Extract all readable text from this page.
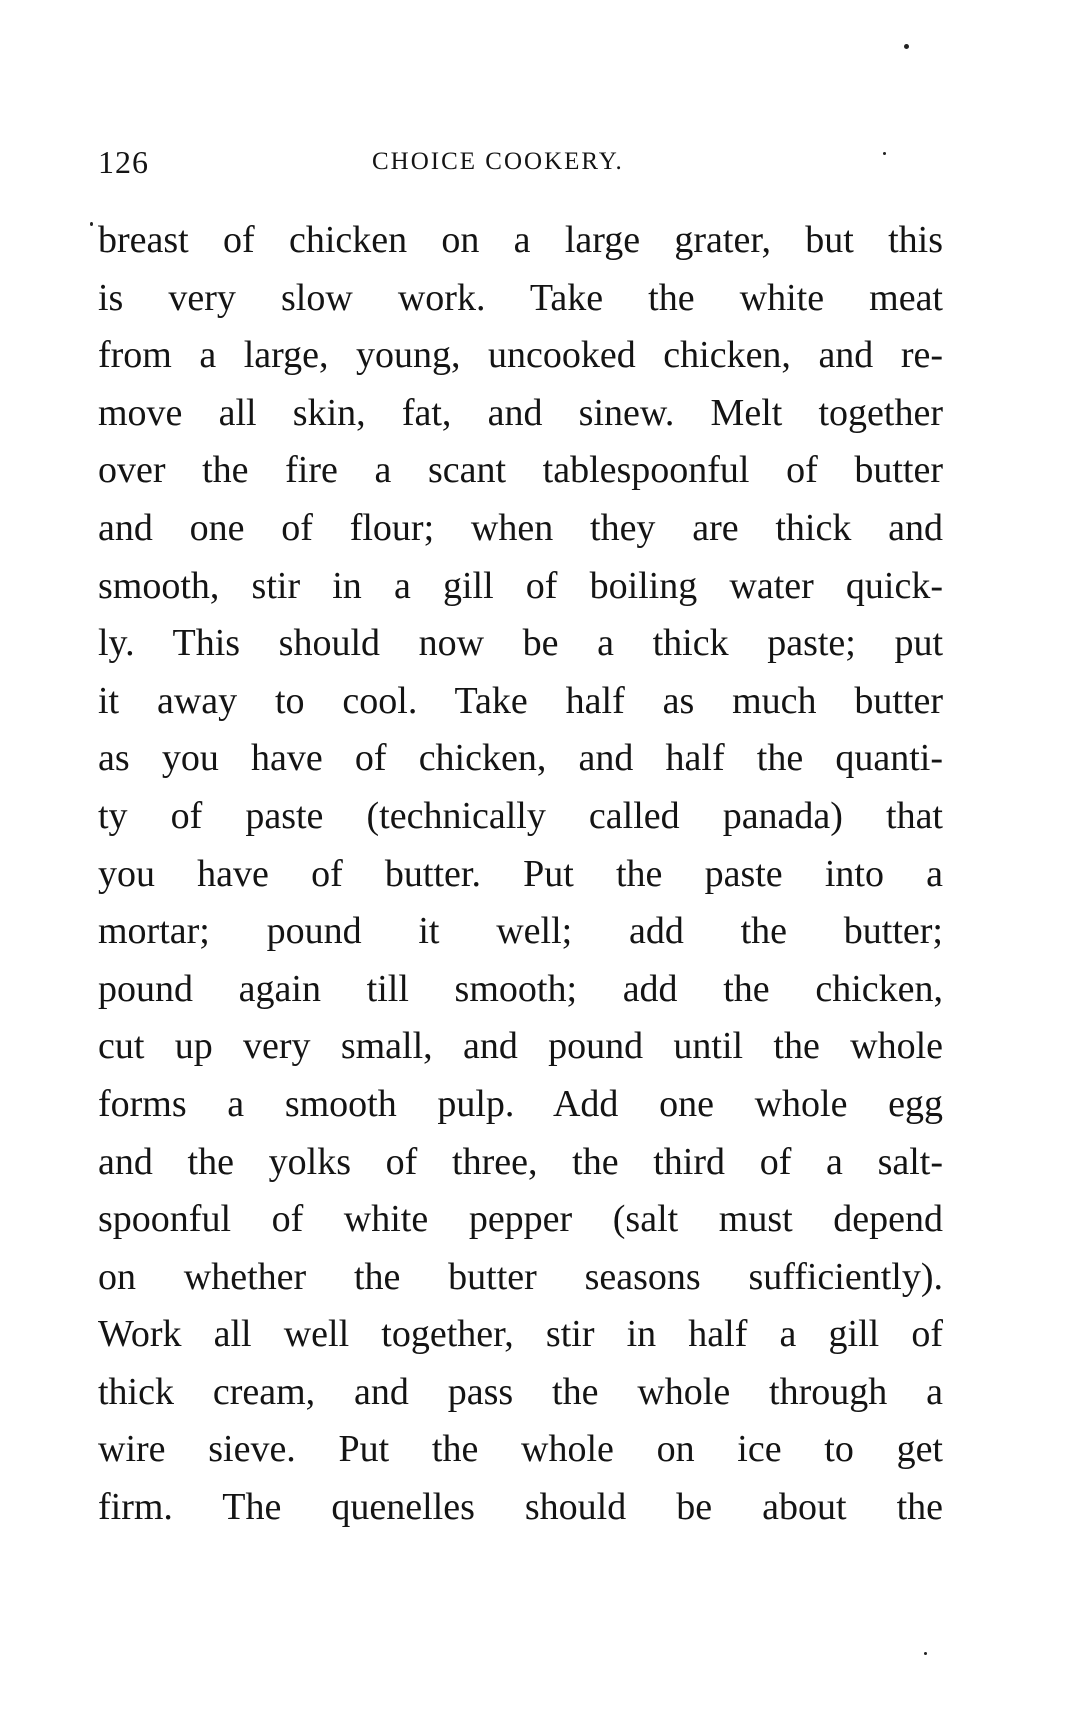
126	CHOICE COOKERY.
breast of chicken on a large grater, but this
is very slow work. Take the white meat
from a large, young, uncooked chicken, and re-
move all skin, fat, and sinew. Melt together
over the fire a scant tablespoonful of butter
and one of flour; when they are thick and
smooth, stir in a gill of boiling water quick-
ly. This should now be a thick paste; put
it away to cool. Take half as much butter
as you have of chicken, and half the quanti-
ty of paste (technically called panada) that
you have of butter. Put the paste into a
mortar; pound it well; add the butter;
pound again till smooth; add the chicken,
cut up very small, and pound until the whole
forms a smooth pulp. Add one whole egg
and the yolks of three, the third of a salt-
spoonful of white pepper (salt must depend
on whether the butter seasons sufficiently).
Work all well together, stir in half a gill of
thick cream, and pass the whole through a
wire sieve. Put the whole on ice to get
firm. The quenelles should be about the
